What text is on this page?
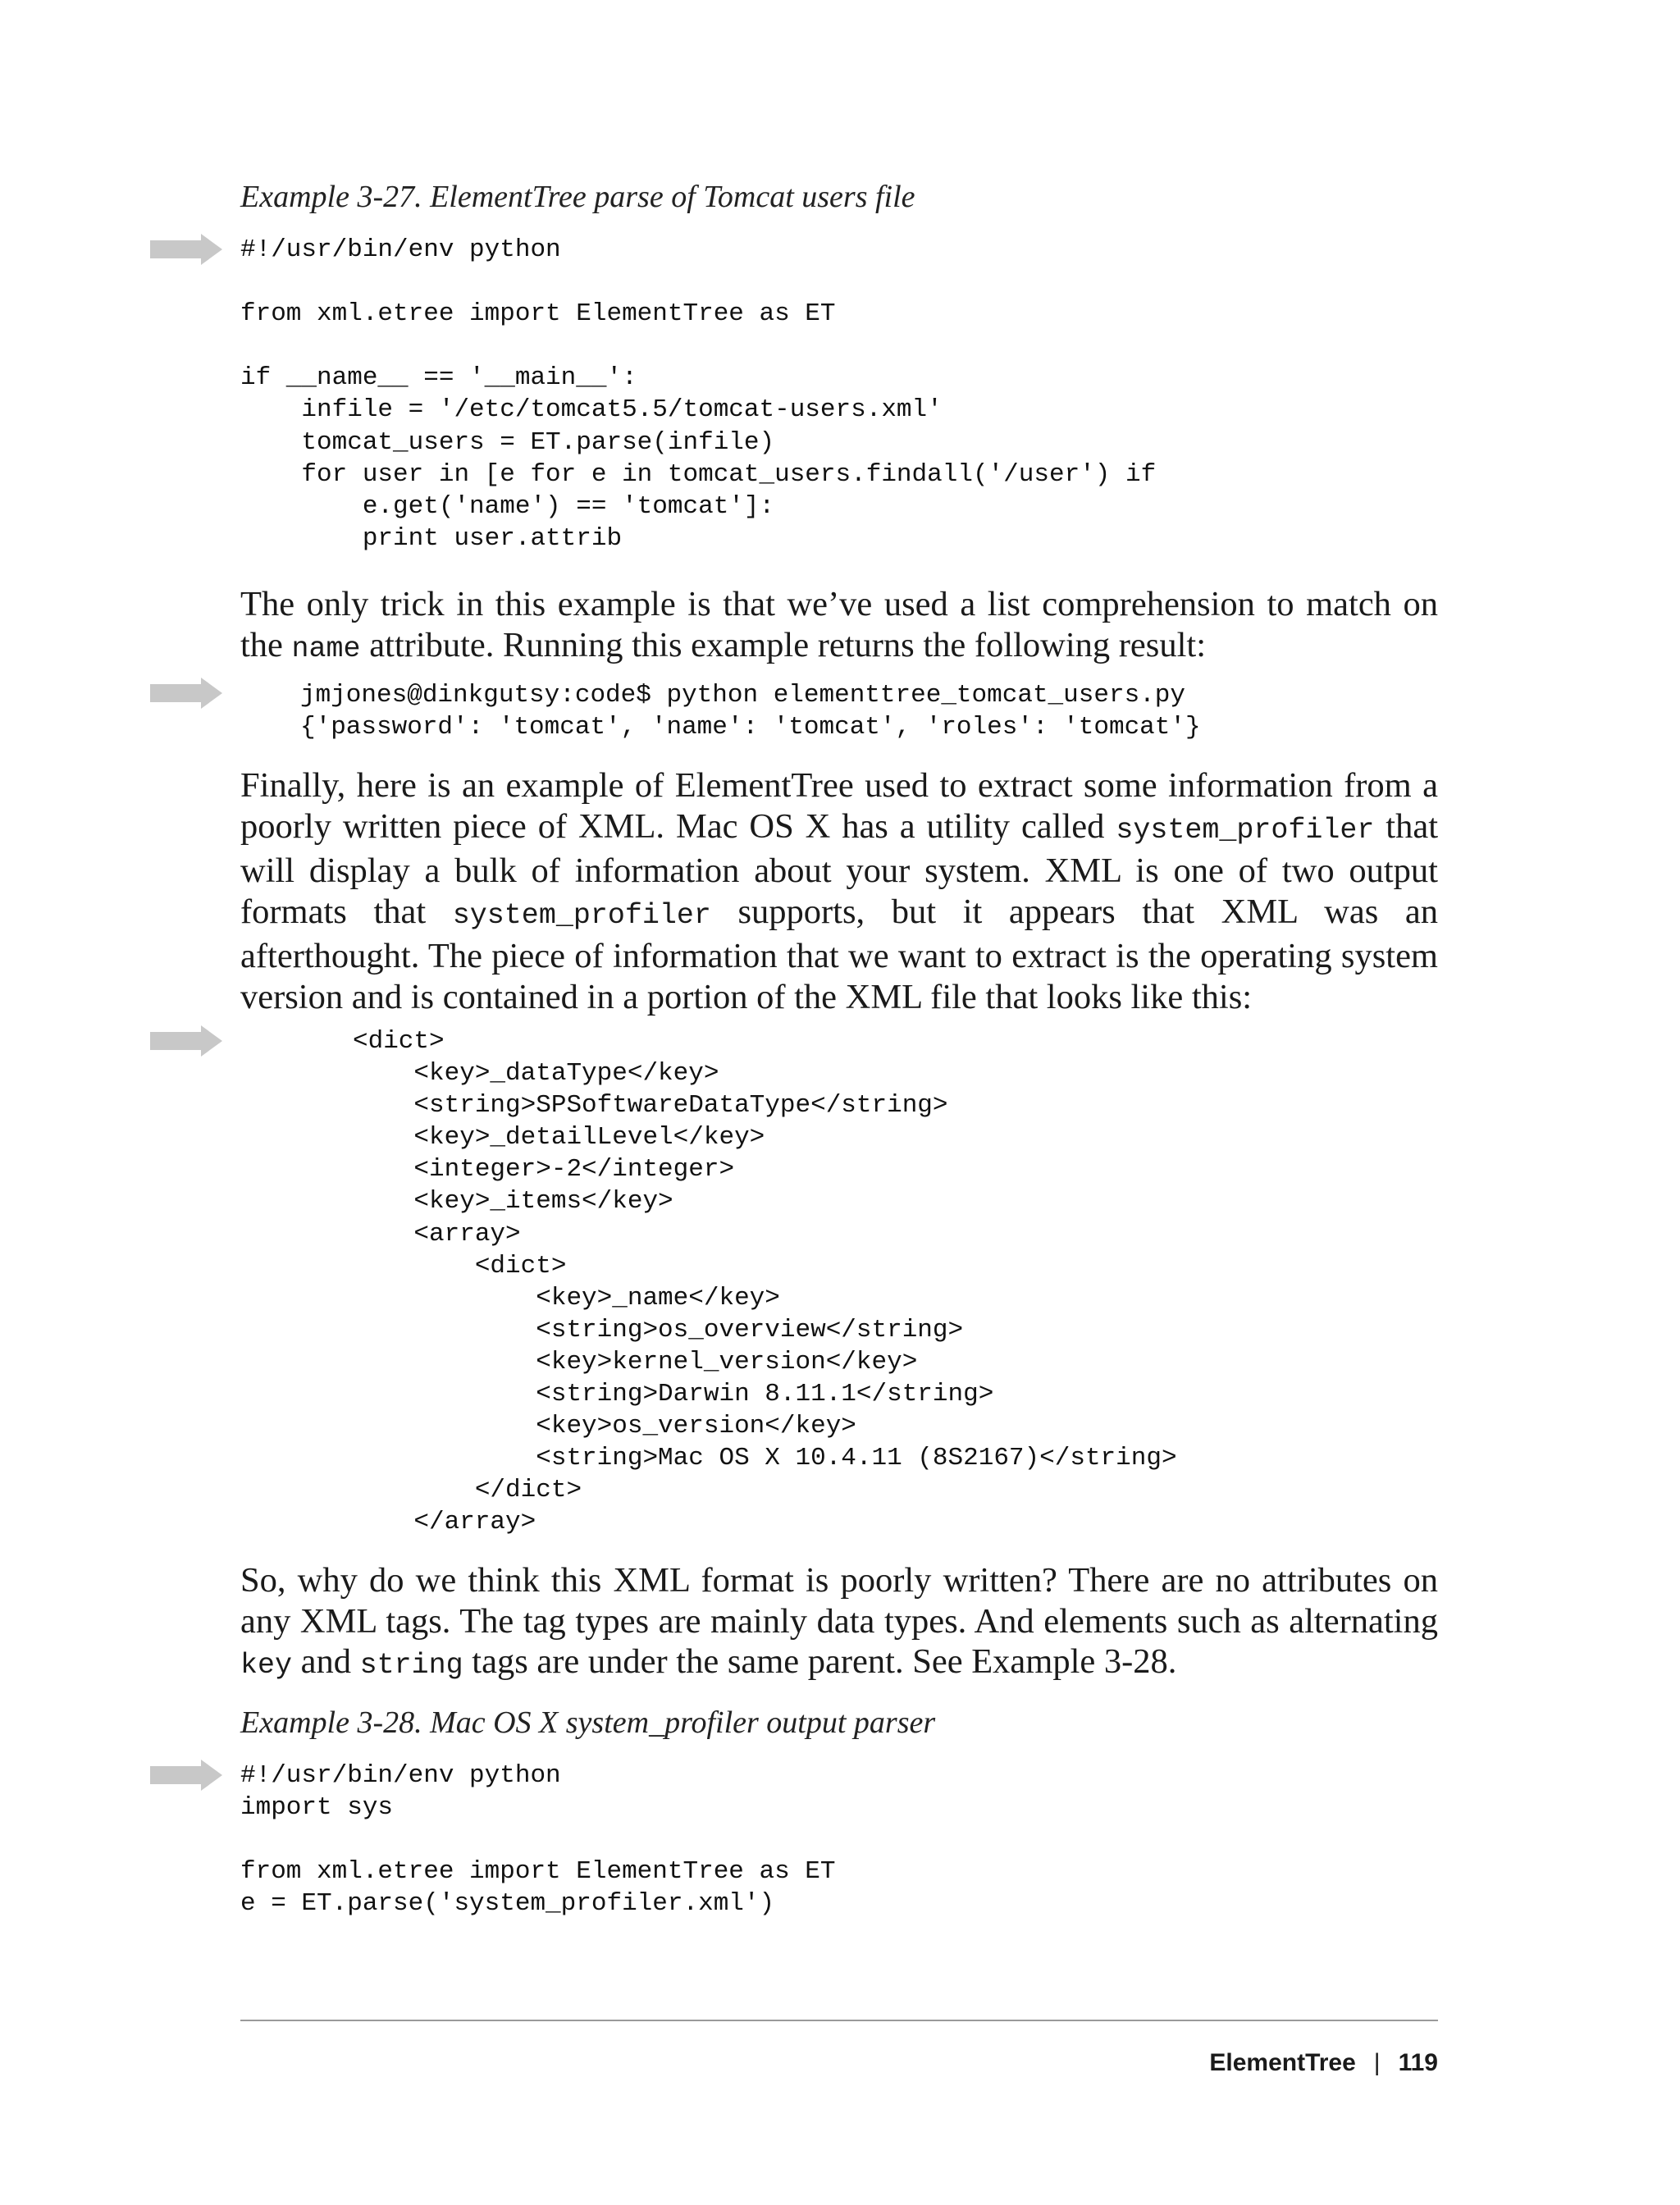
Example 3-27. ElementTree parse of Tomcat users file
#!/usr/bin/env python

from xml.etree import ElementTree as ET

if __name__ == '__main__':
infile = '/etc/tomcat5.5/tomcat-users.xml'
tomcat_users = ET.parse(infile)
for user in [e for e in tomcat_users.findall('/user') if
e.get('name') == 'tomcat']:
print user.attrib

The only trick in this example is that we’ve used a list comprehension to match on the name attribute. Running this example returns the following result:

jmjones@dinkgutsy:code$ python elementtree_tomcat_users.py
{'password': 'tomcat', 'name': 'tomcat', 'roles': 'tomcat'}

Finally, here is an example of ElementTree used to extract some information from a poorly written piece of XML. Mac OS X has a utility called system_profiler that will display a bulk of information about your system. XML is one of two output formats that system_profiler supports, but it appears that XML was an afterthought. The piece of information that we want to extract is the operating system version and is contained in a portion of the XML file that looks like this:

<dict>
<key>_dataType</key>
<string>SPSoftwareDataType</string>
<key>_detailLevel</key>
<integer>-2</integer>
<key>_items</key>
<array>
<dict>
<key>_name</key>
<string>os_overview</string>
<key>kernel_version</key>
<string>Darwin 8.11.1</string>
<key>os_version</key>
<string>Mac OS X 10.4.11 (8S2167)</string>
</dict>
</array>

So, why do we think this XML format is poorly written? There are no attributes on any XML tags. The tag types are mainly data types. And elements such as alternating key and string tags are under the same parent. See Example 3-28.

Example 3-28. Mac OS X system_profiler output parser
#!/usr/bin/env python
import sys

from xml.etree import ElementTree as ET
e = ET.parse('system_profiler.xml')
ElementTree | 119
